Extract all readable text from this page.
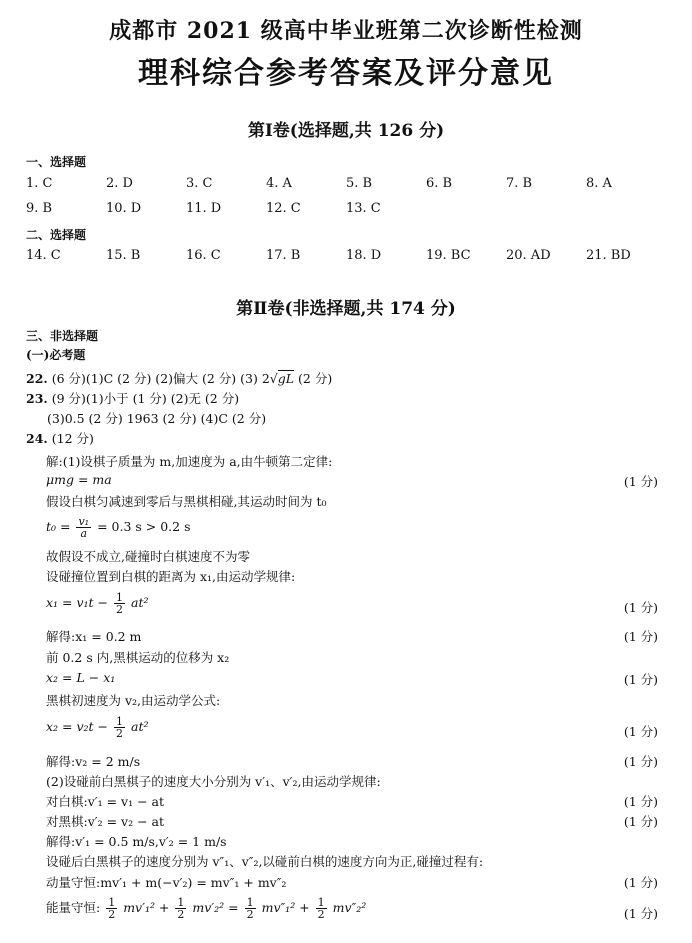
成都市 2021 级高中毕业班第二次诊断性检测
理科综合参考答案及评分意见
第Ⅰ卷(选择题,共 126 分)
一、选择题
1. C	2. D	3. C	4. A	5. B	6. B	7. B	8. A
9. B	10. D	11. D	12. C	13. C
二、选择题
14. C	15. B	16. C	17. B	18. D	19. BC	20. AD	21. BD
第Ⅱ卷(非选择题,共 174 分)
三、非选择题
(一)必考题
22. (6 分)(1)C (2 分) (2)偏大 (2 分) (3) 2√gL (2 分)
23. (9 分)(1)小于 (1 分) (2)无 (2 分)
(3)0.5 (2 分) 1963 (2 分) (4)C (2 分)
24. (12 分)
解:(1)设棋子质量为 m,加速度为 a,由牛顿第二定律:
μmg = ma	(1 分)
假设白棋匀减速到零后与黑棋相碰,其运动时间为 t₀
$t_0 = \frac{\text{v₁}}{a} = 0.3$ s > 0.2 s
故假设不成立,碰撞时白棋速度不为零
设碰撞位置到白棋的距离为 x₁,由运动学规律:
$x_1 = v_1t - \frac{1}{2} at^2$	(1 分)
解得:x₁ = 0.2 m	(1 分)
前 0.2 s 内,黑棋运动的位移为 x₂
x₂ = L − x₁	(1 分)
黑棋初速度为 v₂,由运动学公式:
$x_2 = v_2t - \frac{1}{2} at^2$	(1 分)
解得:v₂ = 2 m/s	(1 分)
(2)设碰前白黑棋子的速度大小分别为 v′₁、v′₂,由运动学规律:
对白棋:v′₁ = v₁ − at	(1 分)
对黑棋:v′₂ = v₂ − at	(1 分)
解得:v′₁ = 0.5 m/s,v′₂ = 1 m/s
设碰后白黑棋子的速度分别为 v″₁、v″₂,以碰前白棋的速度方向为正,碰撞过程有:
动量守恒:mv′₁ + m(−v′₂) = mv″₁ + mv″₂	(1 分)
能量守恒: $\frac{1}{2} mv'_1^2 + \frac{1}{2} mv'_2^2 = \frac{1}{2} mv''_1^2 + \frac{1}{2} mv''_2^2$	(1 分)
